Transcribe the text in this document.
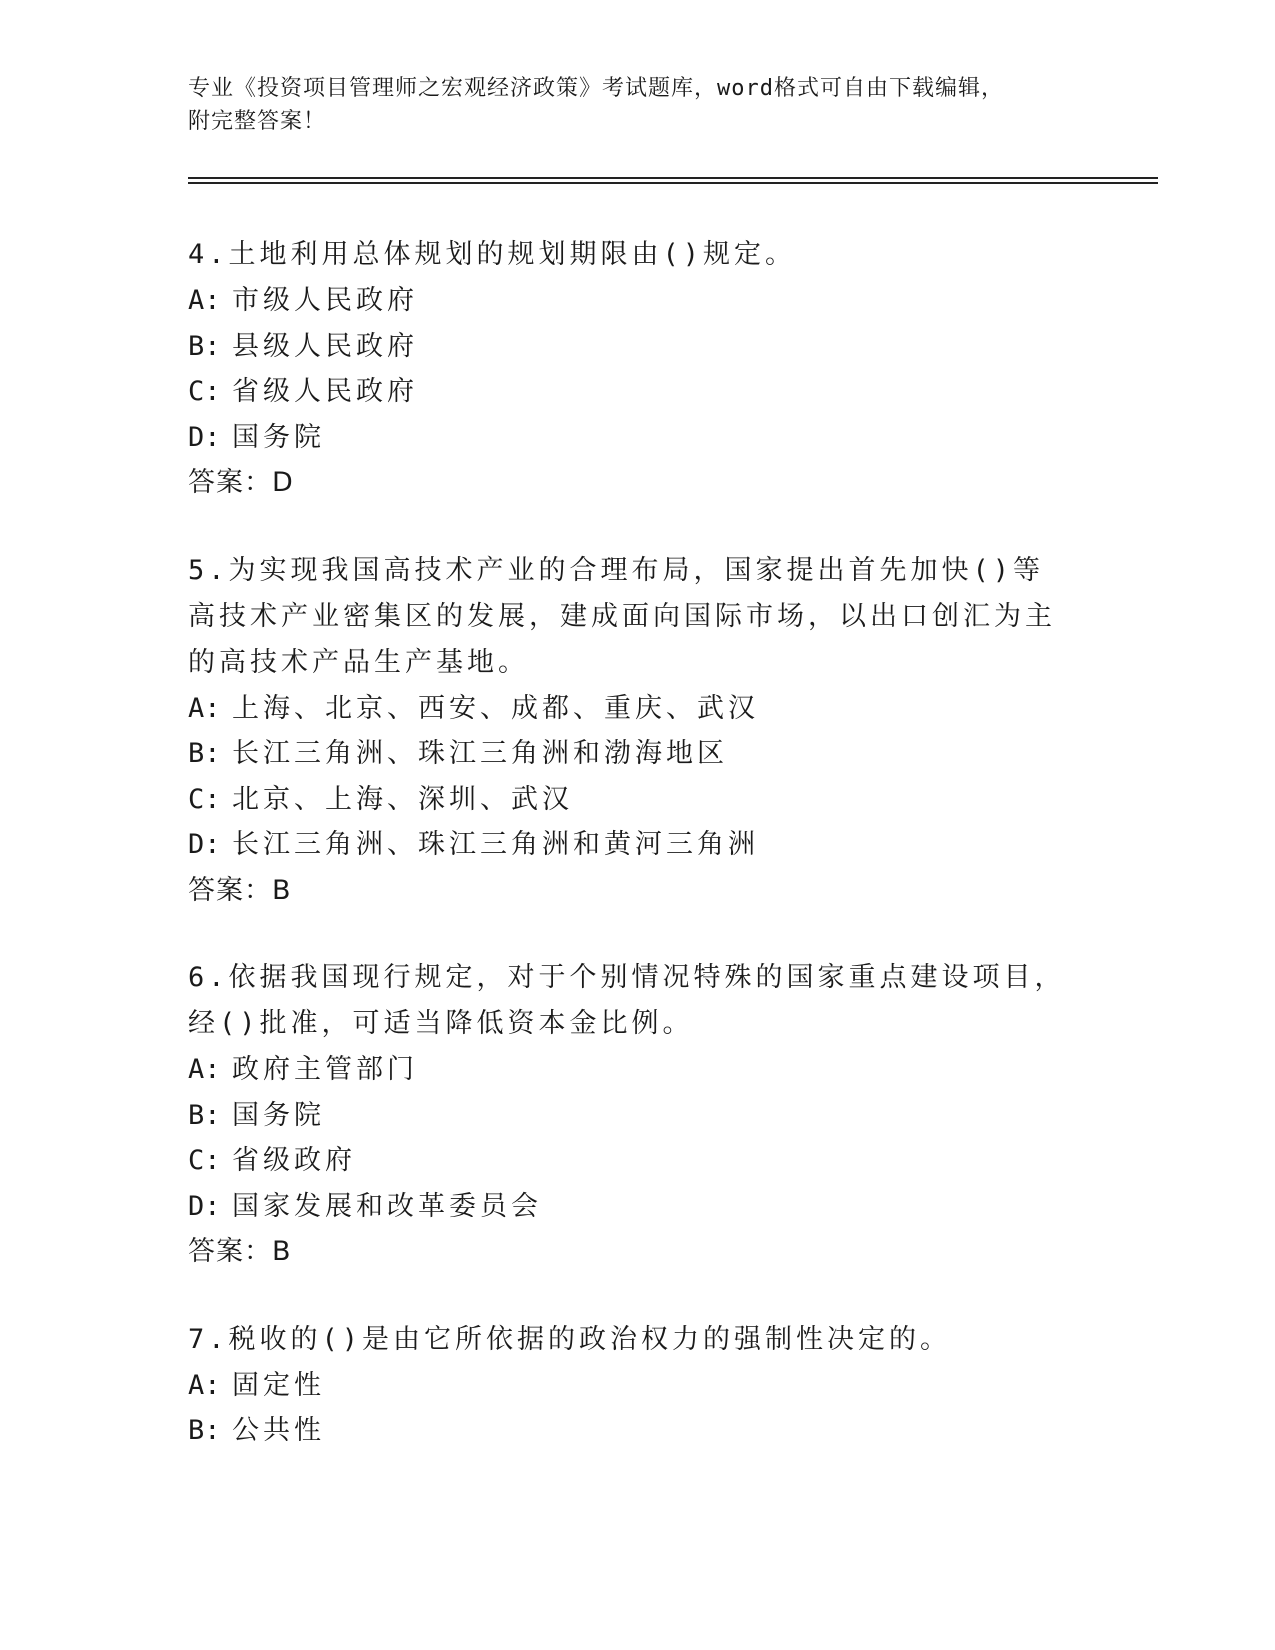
专业《投资项目管理师之宏观经济政策》考试题库，word格式可自由下载编辑，
附完整答案！
4.土地利用总体规划的规划期限由()规定。
A: 市级人民政府
B: 县级人民政府
C: 省级人民政府
D: 国务院
答案：D
5.为实现我国高技术产业的合理布局，国家提出首先加快()等高技术产业密集区的发展，建成面向国际市场，以出口创汇为主的高技术产品生产基地。
A: 上海、北京、西安、成都、重庆、武汉
B: 长江三角洲、珠江三角洲和渤海地区
C: 北京、上海、深圳、武汉
D: 长江三角洲、珠江三角洲和黄河三角洲
答案：B
6.依据我国现行规定，对于个别情况特殊的国家重点建设项目，经()批准，可适当降低资本金比例。
A: 政府主管部门
B: 国务院
C: 省级政府
D: 国家发展和改革委员会
答案：B
7.税收的()是由它所依据的政治权力的强制性决定的。
A: 固定性
B: 公共性
